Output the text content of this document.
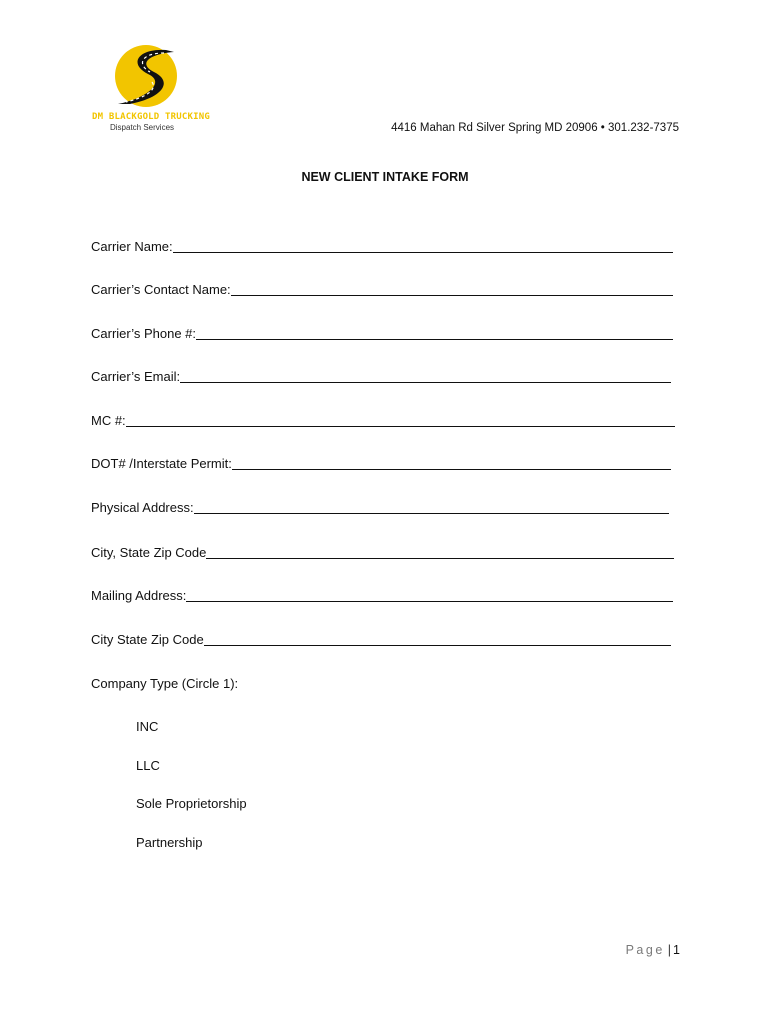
DM BLACKGOLD TRUCKING
Dispatch Services	4416 Mahan Rd Silver Spring MD 20906 • 301.232-7375
NEW CLIENT INTAKE FORM
Carrier Name:
Carrier’s Contact Name:
Carrier’s Phone #:
Carrier’s Email:
MC #:
DOT# /Interstate Permit:
Physical Address:
City, State Zip Code
Mailing Address:
City State Zip Code
Company Type (Circle 1):
INC
LLC
Sole Proprietorship
Partnership
Page | 1
